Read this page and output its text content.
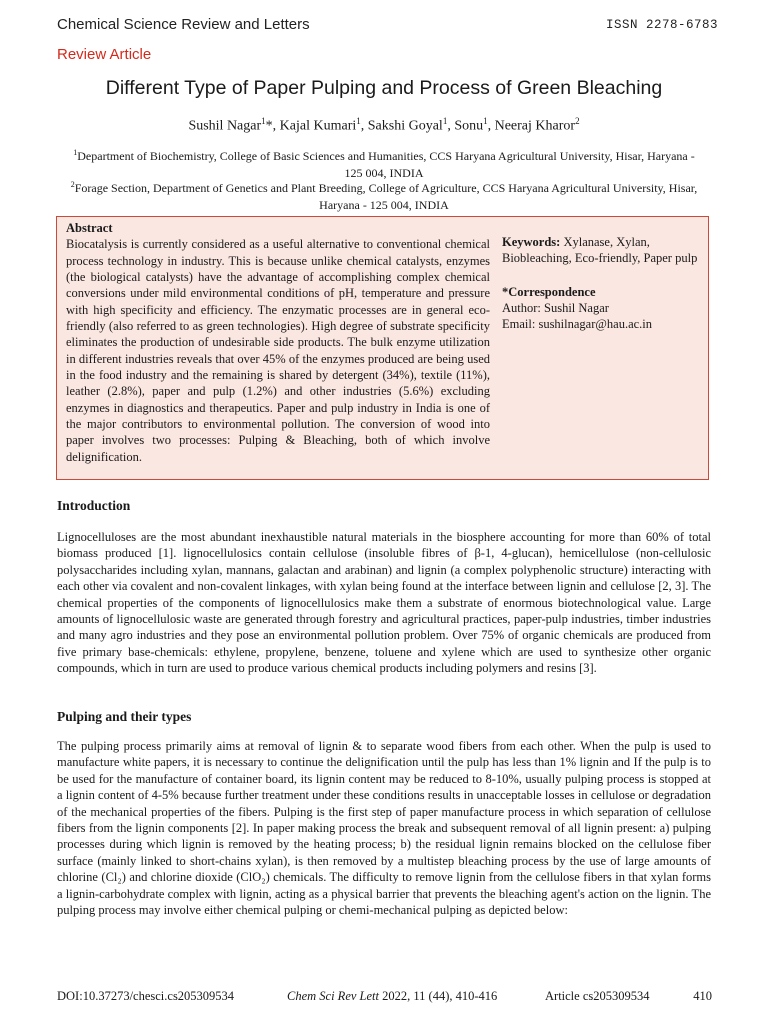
Chemical Science Review and Letters	ISSN 2278-6783
Review Article
Different Type of Paper Pulping and Process of Green Bleaching
Sushil Nagar$^1$*, Kajal Kumari$^1$, Sakshi Goyal$^1$, Sonu$^1$, Neeraj Kharor$^2$
$^1$Department of Biochemistry, College of Basic Sciences and Humanities, CCS Haryana Agricultural University, Hisar, Haryana - 125 004, INDIA
$^2$Forage Section, Department of Genetics and Plant Breeding, College of Agriculture, CCS Haryana Agricultural University, Hisar, Haryana - 125 004, INDIA
Abstract
Biocatalysis is currently considered as a useful alternative to conventional chemical process technology in industry. This is because unlike chemical catalysts, enzymes (the biological catalysts) have the advantage of accomplishing complex chemical conversions under mild environmental conditions of pH, temperature and pressure with high specificity and efficiency. The enzymatic processes are in general eco-friendly (also referred to as green technologies). High degree of substrate specificity eliminates the production of undesirable side products. The bulk enzyme utilization in different industries reveals that over 45% of the enzymes produced are being used in the food industry and the remaining is shared by detergent (34%), textile (11%), leather (2.8%), paper and pulp (1.2%) and other industries (5.6%) excluding enzymes in diagnostics and therapeutics. Paper and pulp industry in India is one of the major contributors to environmental pollution. The conversion of wood into paper involves two processes: Pulping & Bleaching, both of which involve delignification.
Keywords: Xylanase, Xylan, Biobleaching, Eco-friendly, Paper pulp
*Correspondence
Author: Sushil Nagar
Email: sushilnagar@hau.ac.in
Introduction
Lignocelluloses are the most abundant inexhaustible natural materials in the biosphere accounting for more than 60% of total biomass produced [1]. lignocellulosics contain cellulose (insoluble fibres of β-1, 4-glucan), hemicellulose (non-cellulosic polysaccharides including xylan, mannans, galactan and arabinan) and lignin (a complex polyphenolic structure) interacting with each other via covalent and non-covalent linkages, with xylan being found at the interface between lignin and cellulose [2, 3]. The chemical properties of the components of lignocellulosics make them a substrate of enormous biotechnological value. Large amounts of lignocellulosic waste are generated through forestry and agricultural practices, paper-pulp industries, timber industries and many agro industries and they pose an environmental pollution problem. Over 75% of organic chemicals are produced from five primary base-chemicals: ethylene, propylene, benzene, toluene and xylene which are used to synthesize other organic compounds, which in turn are used to produce various chemical products including polymers and resins [3].
Pulping and their types
The pulping process primarily aims at removal of lignin & to separate wood fibers from each other. When the pulp is used to manufacture white papers, it is necessary to continue the delignification until the pulp has less than 1% lignin and If the pulp is to be used for the manufacture of container board, its lignin content may be reduced to 8-10%, usually pulping process is stopped at a lignin content of 4-5% because further treatment under these conditions results in unacceptable losses in cellulose or degradation of the mechanical properties of the fibers. Pulping is the first step of paper manufacture process in which separation of cellulose fibers from the lignin components [2]. In paper making process the break and subsequent removal of all lignin present: a) pulping processes during which lignin is removed by the heating process; b) the residual lignin remains blocked on the cellulose fiber surface (mainly linked to short-chains xylan), is then removed by a multistep bleaching process by the use of large amounts of chlorine (Cl₂) and chlorine dioxide (ClO₂) chemicals. The difficulty to remove lignin from the cellulose fibers in that xylan forms a lignin-carbohydrate complex with lignin, acting as a physical barrier that prevents the bleaching agent's action on the lignin. The pulping process may involve either chemical pulping or chemi-mechanical pulping as depicted below:
DOI:10.37273/chesci.cs205309534	Chem Sci Rev Lett 2022, 11 (44), 410-416	Article cs205309534	410
